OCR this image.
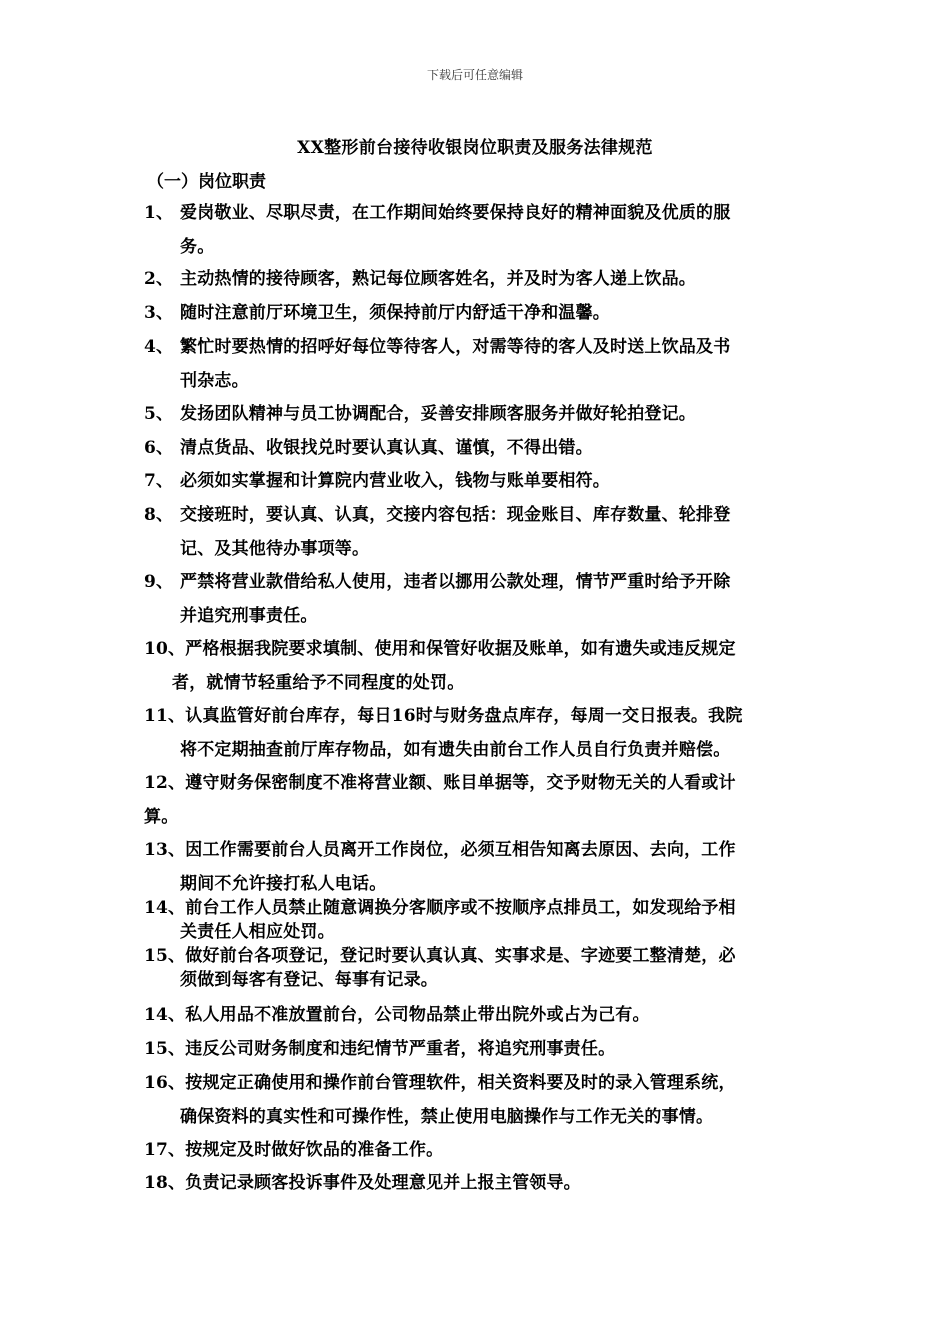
下载后可任意编辑
XX整形前台接待收银岗位职责及服务法律规范
（一）岗位职责
1、 爱岗敬业、尽职尽责，在工作期间始终要保持良好的精神面貌及优质的服
务。
2、 主动热情的接待顾客，熟记每位顾客姓名，并及时为客人递上饮品。
3、 随时注意前厅环境卫生，须保持前厅内舒适干净和温馨。
4、 繁忙时要热情的招呼好每位等待客人，对需等待的客人及时送上饮品及书
刊杂志。
5、 发扬团队精神与员工协调配合，妥善安排顾客服务并做好轮拍登记。
6、 清点货品、收银找兑时要认真认真、谨慎，不得出错。
7、 必须如实掌握和计算院内营业收入，钱物与账单要相符。
8、 交接班时，要认真、认真，交接内容包括：现金账目、库存数量、轮排登
记、及其他待办事项等。
9、 严禁将营业款借给私人使用，违者以挪用公款处理，情节严重时给予开除
并追究刑事责任。
10、严格根据我院要求填制、使用和保管好收据及账单，如有遗失或违反规定
者，就情节轻重给予不同程度的处罚。
11、认真监管好前台库存，每日16时与财务盘点库存，每周一交日报表。我院
将不定期抽查前厅库存物品，如有遗失由前台工作人员自行负责并赔偿。
12、遵守财务保密制度不准将营业额、账目单据等，交予财物无关的人看或计
算。
13、因工作需要前台人员离开工作岗位，必须互相告知离去原因、去向，工作
期间不允许接打私人电话。
14、前台工作人员禁止随意调换分客顺序或不按顺序点排员工，如发现给予相
关责任人相应处罚。
15、做好前台各项登记，登记时要认真认真、实事求是、字迹要工整清楚，必
须做到每客有登记、每事有记录。
14、私人用品不准放置前台，公司物品禁止带出院外或占为己有。
15、违反公司财务制度和违纪情节严重者，将追究刑事责任。
16、按规定正确使用和操作前台管理软件，相关资料要及时的录入管理系统，
确保资料的真实性和可操作性，禁止使用电脑操作与工作无关的事情。
17、按规定及时做好饮品的准备工作。
18、负责记录顾客投诉事件及处理意见并上报主管领导。
